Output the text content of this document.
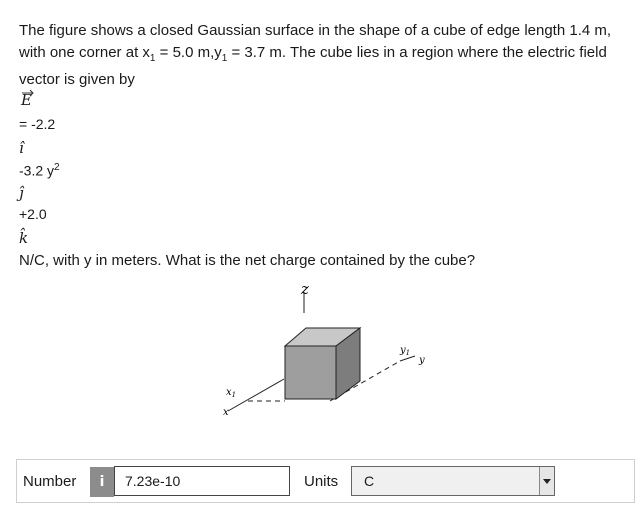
The figure shows a closed Gaussian surface in the shape of a cube of edge length 1.4 m,
with one corner at $x_1 = 5.0$ $m,y_1 = 3.7$ m. The cube lies in a region where the electric field
vector is given by
E
= -2.2
î
-3.2 $y^2$
ĵ
+2.0
k̂
N/C, with y in meters. What is the net charge contained by the cube?
z
$y_1$
y
$x_1$
x
Number	i	7.23e-10	Units C
